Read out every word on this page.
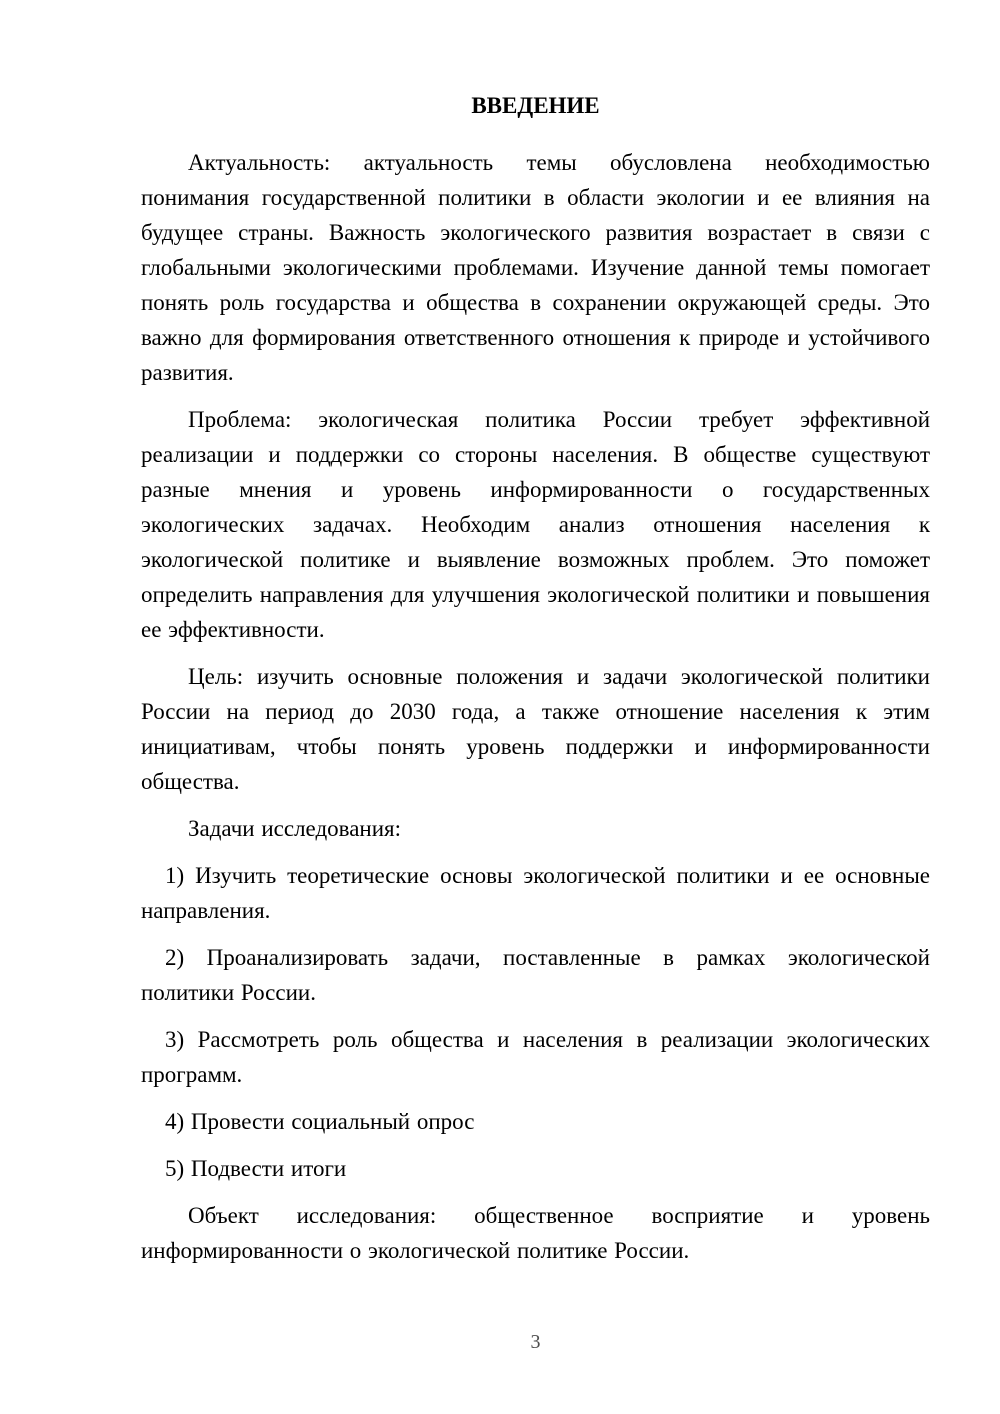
ВВЕДЕНИЕ

Актуальность: актуальность темы обусловлена необходимостью понимания государственной политики в области экологии и ее влияния на будущее страны. Важность экологического развития возрастает в связи с глобальными экологическими проблемами. Изучение данной темы помогает понять роль государства и общества в сохранении окружающей среды. Это важно для формирования ответственного отношения к природе и устойчивого развития.

Проблема: экологическая политика России требует эффективной реализации и поддержки со стороны населения. В обществе существуют разные мнения и уровень информированности о государственных экологических задачах. Необходим анализ отношения населения к экологической политике и выявление возможных проблем. Это поможет определить направления для улучшения экологической политики и повышения ее эффективности.

Цель: изучить основные положения и задачи экологической политики России на период до 2030 года, а также отношение населения к этим инициативам, чтобы понять уровень поддержки и информированности общества.

Задачи исследования:

1) Изучить теоретические основы экологической политики и ее основные направления.

2) Проанализировать задачи, поставленные в рамках экологической политики России.

3) Рассмотреть роль общества и населения в реализации экологических программ.

4) Провести социальный опрос

5) Подвести итоги

Объект исследования: общественное восприятие и уровень информированности о экологической политике России.

3
